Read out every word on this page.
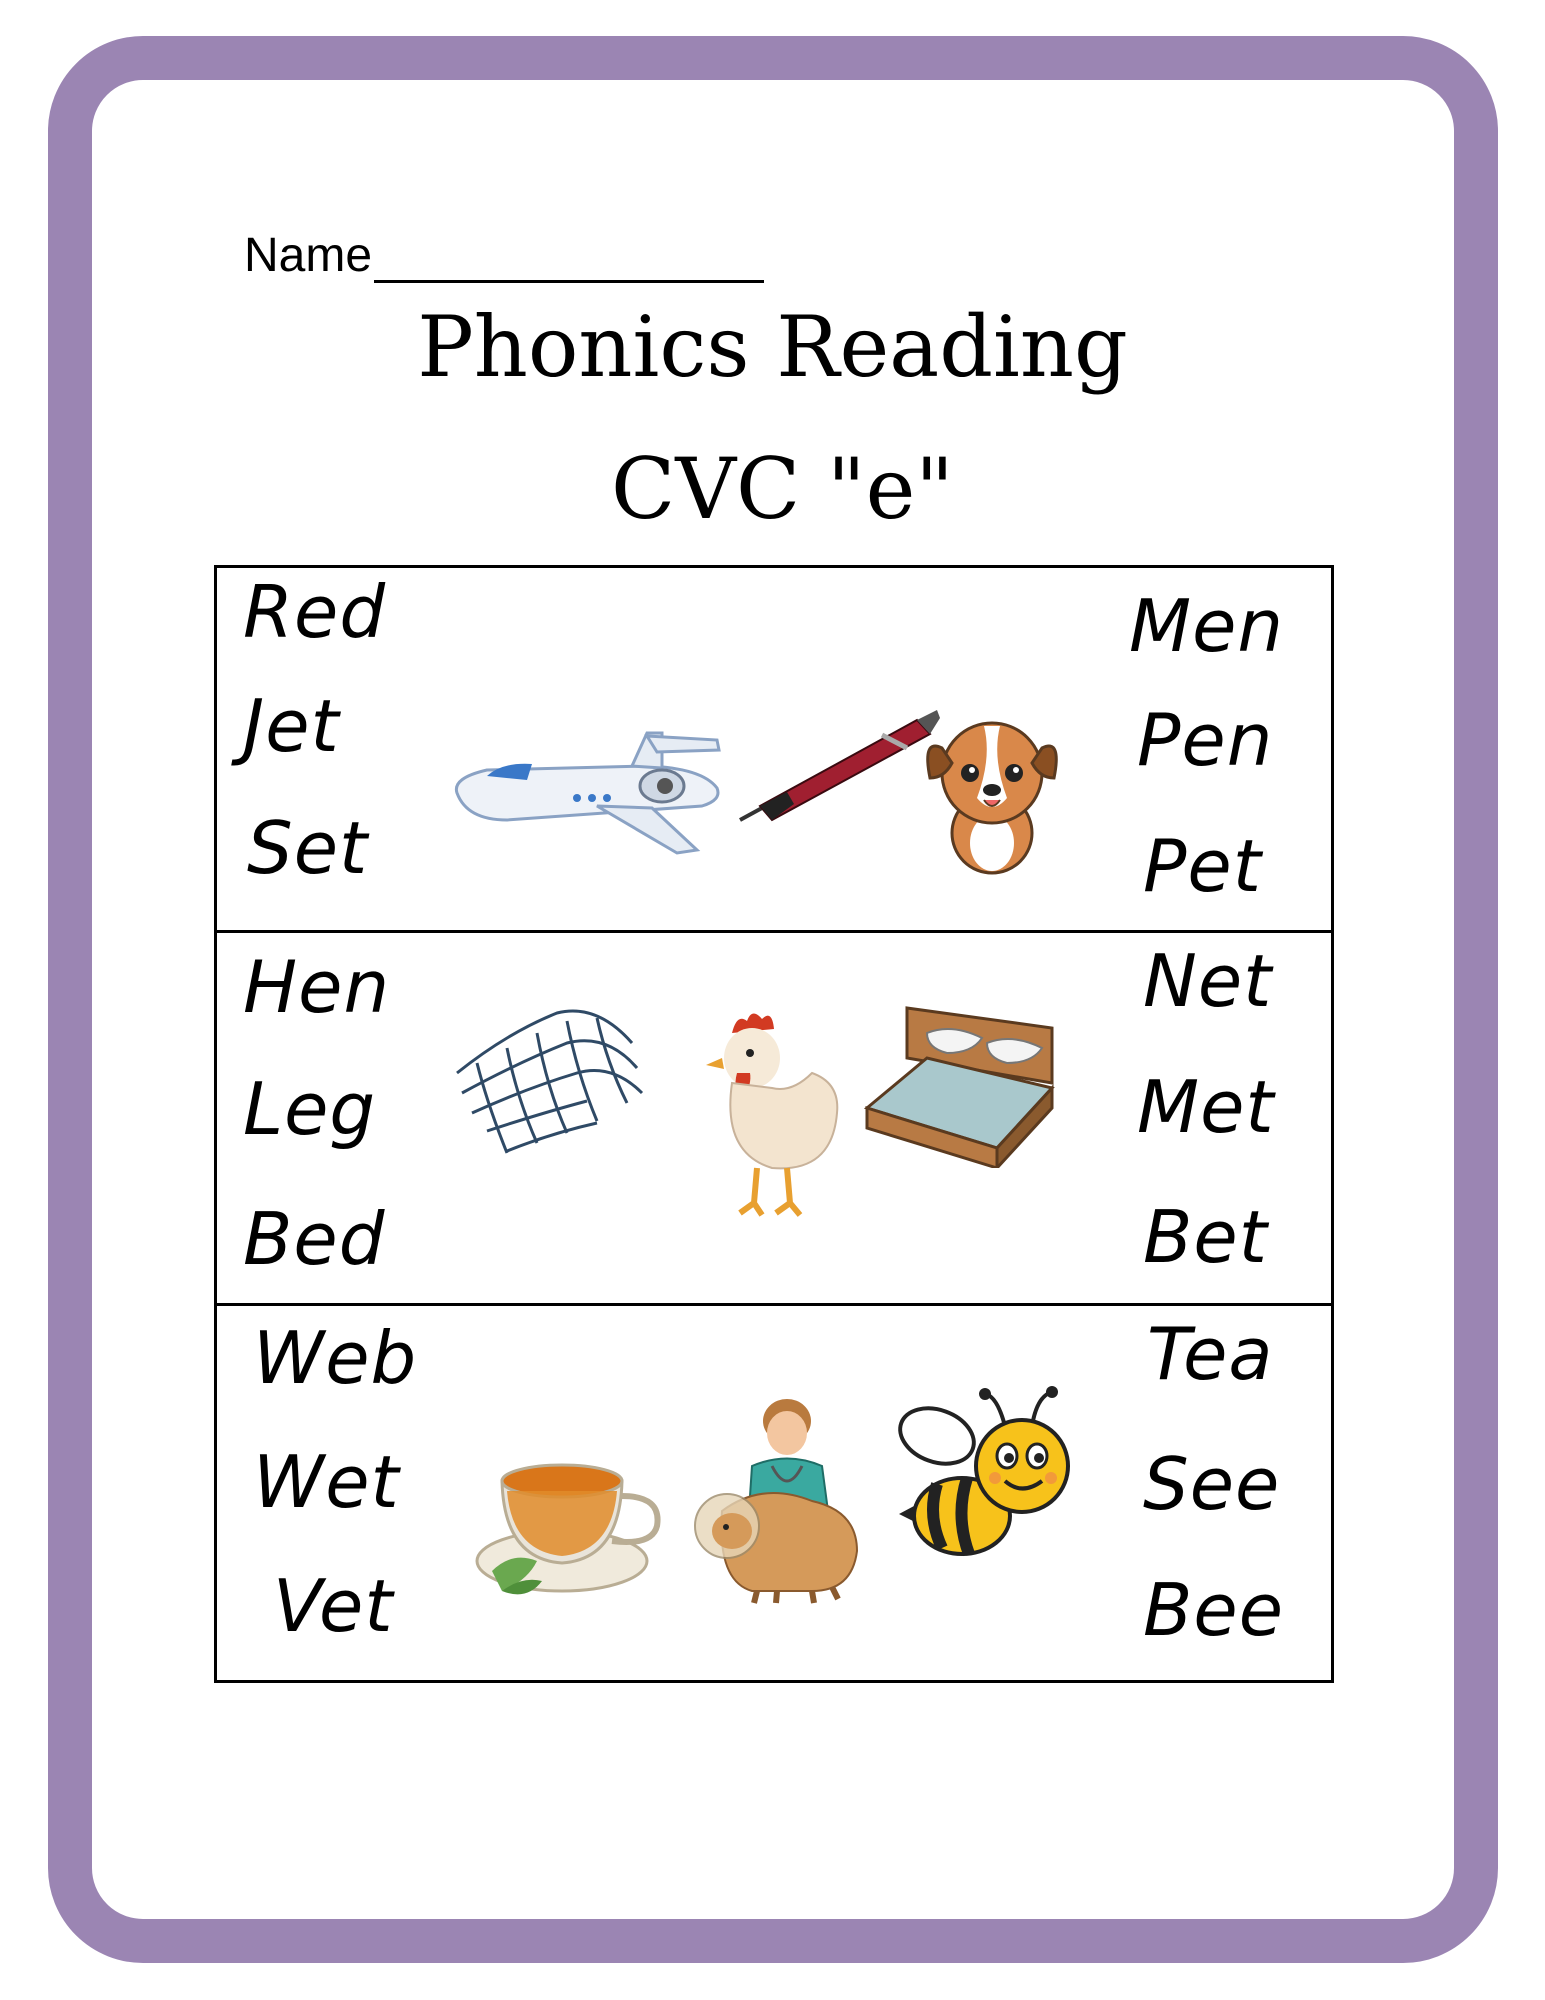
Name
Phonics Reading
CVC "e"
Red
Jet
Set
Men
Pen
Pet
Hen
Leg
Bed
Net
Met
Bet
Web
Wet
Vet
Tea
See
Bee
